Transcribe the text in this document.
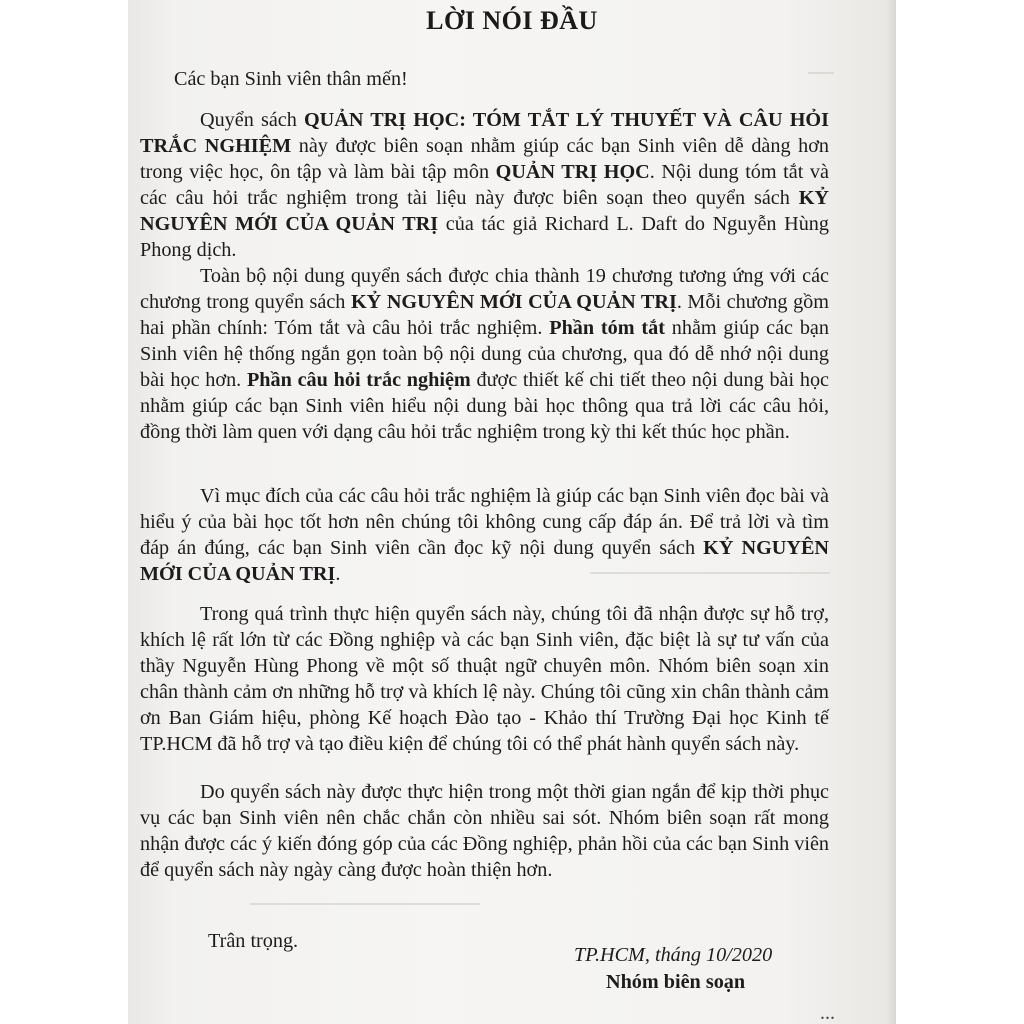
LỜI NÓI ĐẦU
Các bạn Sinh viên thân mến!

Quyển sách QUẢN TRỊ HỌC: TÓM TẮT LÝ THUYẾT VÀ CÂU HỎI TRẮC NGHIỆM này được biên soạn nhằm giúp các bạn Sinh viên dễ dàng hơn trong việc học, ôn tập và làm bài tập môn QUẢN TRỊ HỌC. Nội dung tóm tắt và các câu hỏi trắc nghiệm trong tài liệu này được biên soạn theo quyển sách KỶ NGUYÊN MỚI CỦA QUẢN TRỊ của tác giả Richard L. Daft do Nguyễn Hùng Phong dịch.

Toàn bộ nội dung quyển sách được chia thành 19 chương tương ứng với các chương trong quyển sách KỶ NGUYÊN MỚI CỦA QUẢN TRỊ. Mỗi chương gồm hai phần chính: Tóm tắt và câu hỏi trắc nghiệm. Phần tóm tắt nhằm giúp các bạn Sinh viên hệ thống ngắn gọn toàn bộ nội dung của chương, qua đó dễ nhớ nội dung bài học hơn. Phần câu hỏi trắc nghiệm được thiết kế chi tiết theo nội dung bài học nhằm giúp các bạn Sinh viên hiểu nội dung bài học thông qua trả lời các câu hỏi, đồng thời làm quen với dạng câu hỏi trắc nghiệm trong kỳ thi kết thúc học phần.

Vì mục đích của các câu hỏi trắc nghiệm là giúp các bạn Sinh viên đọc bài và hiểu ý của bài học tốt hơn nên chúng tôi không cung cấp đáp án. Để trả lời và tìm đáp án đúng, các bạn Sinh viên cần đọc kỹ nội dung quyển sách KỶ NGUYÊN MỚI CỦA QUẢN TRỊ.

Trong quá trình thực hiện quyển sách này, chúng tôi đã nhận được sự hỗ trợ, khích lệ rất lớn từ các Đồng nghiệp và các bạn Sinh viên, đặc biệt là sự tư vấn của thầy Nguyễn Hùng Phong về một số thuật ngữ chuyên môn. Nhóm biên soạn xin chân thành cảm ơn những hỗ trợ và khích lệ này. Chúng tôi cũng xin chân thành cảm ơn Ban Giám hiệu, phòng Kế hoạch Đào tạo - Khảo thí Trường Đại học Kinh tế TP.HCM đã hỗ trợ và tạo điều kiện để chúng tôi có thể phát hành quyển sách này.

Do quyển sách này được thực hiện trong một thời gian ngắn để kịp thời phục vụ các bạn Sinh viên nên chắc chắn còn nhiều sai sót. Nhóm biên soạn rất mong nhận được các ý kiến đóng góp của các Đồng nghiệp, phản hồi của các bạn Sinh viên để quyển sách này ngày càng được hoàn thiện hơn.

Trân trọng.
TP.HCM, tháng 10/2020
Nhóm biên soạn
...
